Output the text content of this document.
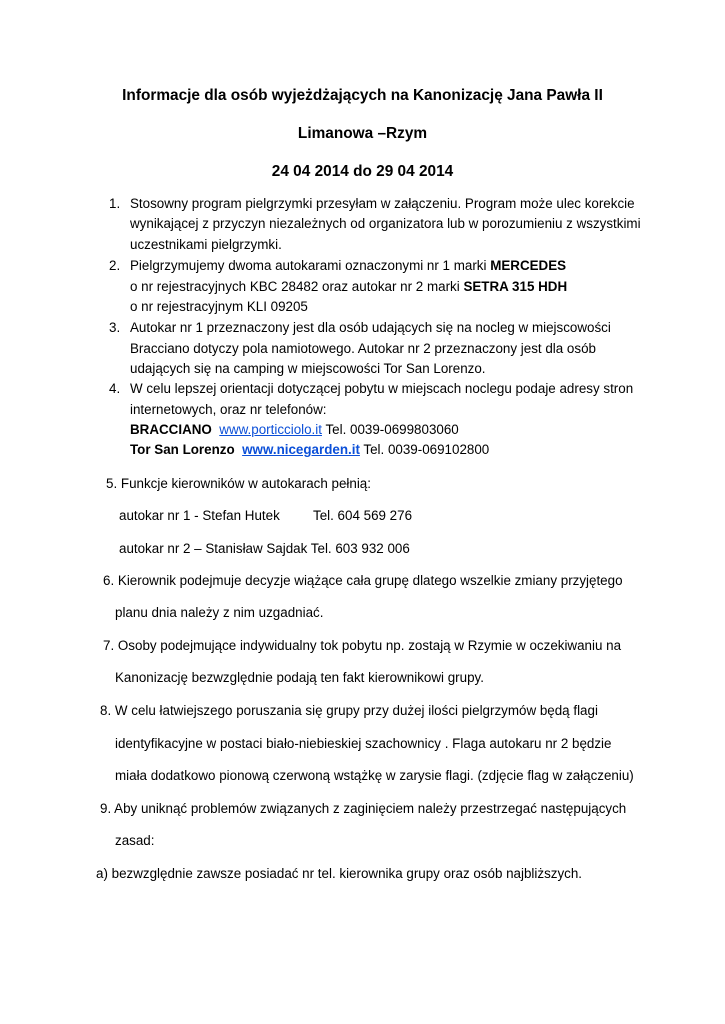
Informacje dla osób wyjeżdżających na Kanonizację Jana Pawła II
Limanowa –Rzym
24 04 2014 do 29 04 2014
1. Stosowny program pielgrzymki przesyłam w załączeniu. Program może ulec korekcie
wynikającej z przyczyn niezależnych od organizatora lub w porozumieniu z wszystkimi
uczestnikami pielgrzymki.
2. Pielgrzymujemy dwoma autokarami oznaczonymi nr 1 marki MERCEDES
o nr rejestracyjnych KBC 28482 oraz autokar nr 2 marki SETRA 315 HDH
o nr rejestracyjnym KLI 09205
3. Autokar nr 1 przeznaczony jest dla osób udających się na nocleg w miejscowości
Bracciano dotyczy pola namiotowego. Autokar nr 2 przeznaczony jest dla osób
udających się na camping w miejscowości Tor San Lorenzo.
4. W celu lepszej orientacji dotyczącej pobytu w miejscach noclegu podaje adresy stron
internetowych, oraz nr telefonów:
BRACCIANO www.porticciolo.it Tel. 0039-0699803060
Tor San Lorenzo www.nicegarden.it Tel. 0039-069102800
5. Funkcje kierowników w autokarach pełnią:
autokar nr 1 - Stefan Hutek Tel. 604 569 276
autokar nr 2 – Stanisław Sajdak Tel. 603 932 006
6. Kierownik podejmuje decyzje wiążące cała grupę dlatego wszelkie zmiany przyjętego
planu dnia należy z nim uzgadniać.
7. Osoby podejmujące indywidualny tok pobytu np. zostają w Rzymie w oczekiwaniu na
Kanonizację bezwzględnie podają ten fakt kierownikowi grupy.
8. W celu łatwiejszego poruszania się grupy przy dużej ilości pielgrzymów będą flagi
identyfikacyjne w postaci biało-niebieskiej szachownicy . Flaga autokaru nr 2 będzie
miała dodatkowo pionową czerwoną wstążkę w zarysie flagi. (zdjęcie flag w załączeniu)
9. Aby uniknąć problemów związanych z zaginięciem należy przestrzegać następujących
zasad:
a) bezwzględnie zawsze posiadać nr tel. kierownika grupy oraz osób najbliższych.
